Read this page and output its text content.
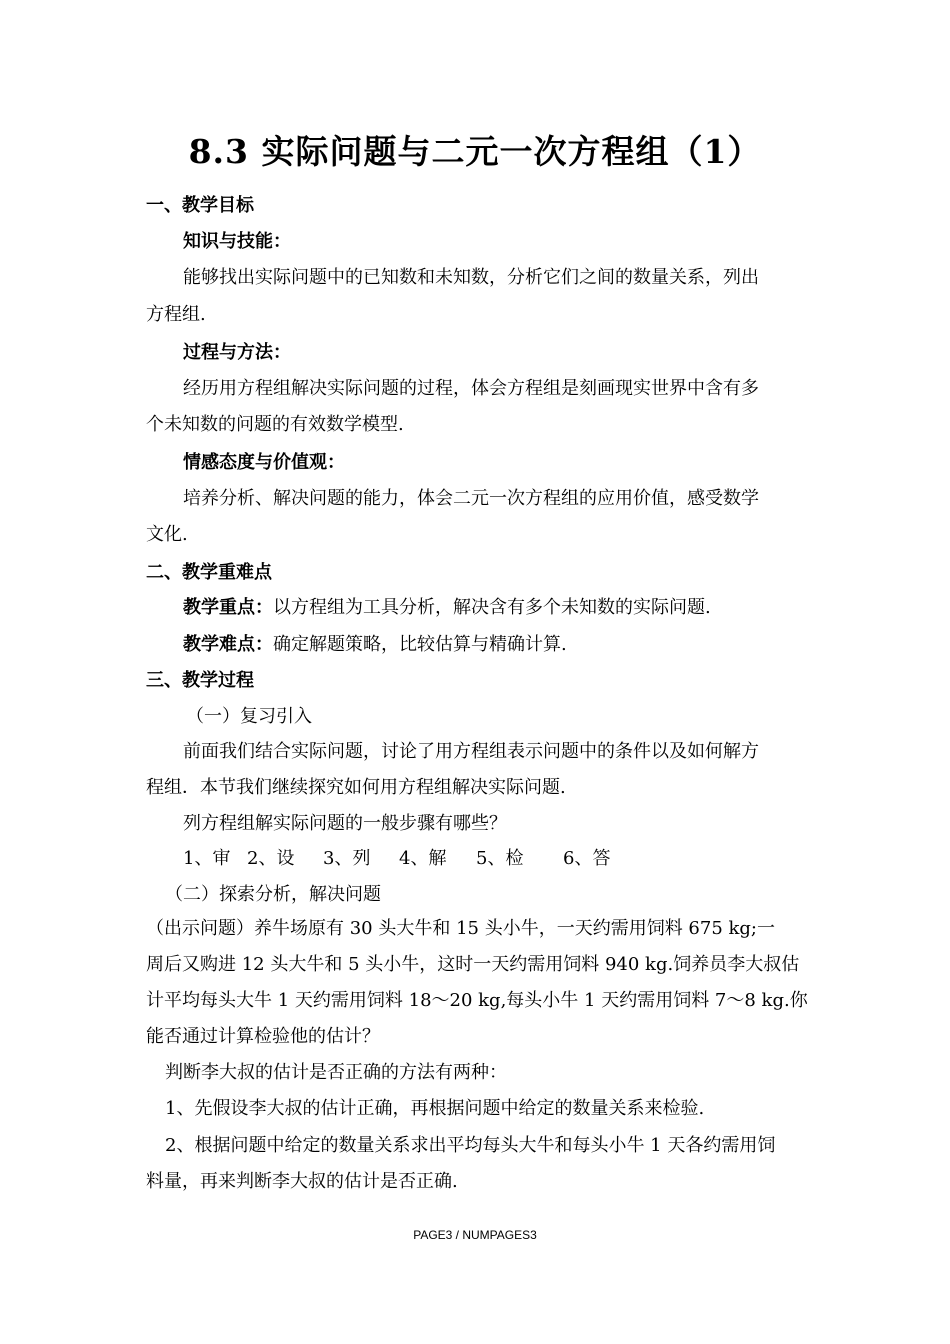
8.3 实际问题与二元一次方程组（1）
一、教学目标
知识与技能：
能够找出实际问题中的已知数和未知数，分析它们之间的数量关系，列出
方程组.
过程与方法：
经历用方程组解决实际问题的过程，体会方程组是刻画现实世界中含有多
个未知数的问题的有效数学模型.
情感态度与价值观：
培养分析、解决问题的能力，体会二元一次方程组的应用价值，感受数学
文化.
二、教学重难点
教学重点：以方程组为工具分析，解决含有多个未知数的实际问题.
教学难点：确定解题策略，比较估算与精确计算.
三、教学过程
（一）复习引入
前面我们结合实际问题，讨论了用方程组表示问题中的条件以及如何解方
程组．本节我们继续探究如何用方程组解决实际问题.
列方程组解实际问题的一般步骤有哪些？
1、审 2、设 3、列 4、解 5、检 6、答
（二）探索分析，解决问题
（出示问题）养牛场原有 30 头大牛和 15 头小牛，一天约需用饲料 675 kg;一
周后又购进 12 头大牛和 5 头小牛，这时一天约需用饲料 940 kg.饲养员李大叔估
计平均每头大牛 1 天约需用饲料 18～20 kg,每头小牛 1 天约需用饲料 7～8 kg.你
能否通过计算检验他的估计？
判断李大叔的估计是否正确的方法有两种：
1、先假设李大叔的估计正确，再根据问题中给定的数量关系来检验.
2、根据问题中给定的数量关系求出平均每头大牛和每头小牛 1 天各约需用饲
料量，再来判断李大叔的估计是否正确.
PAGE3 / NUMPAGES3
